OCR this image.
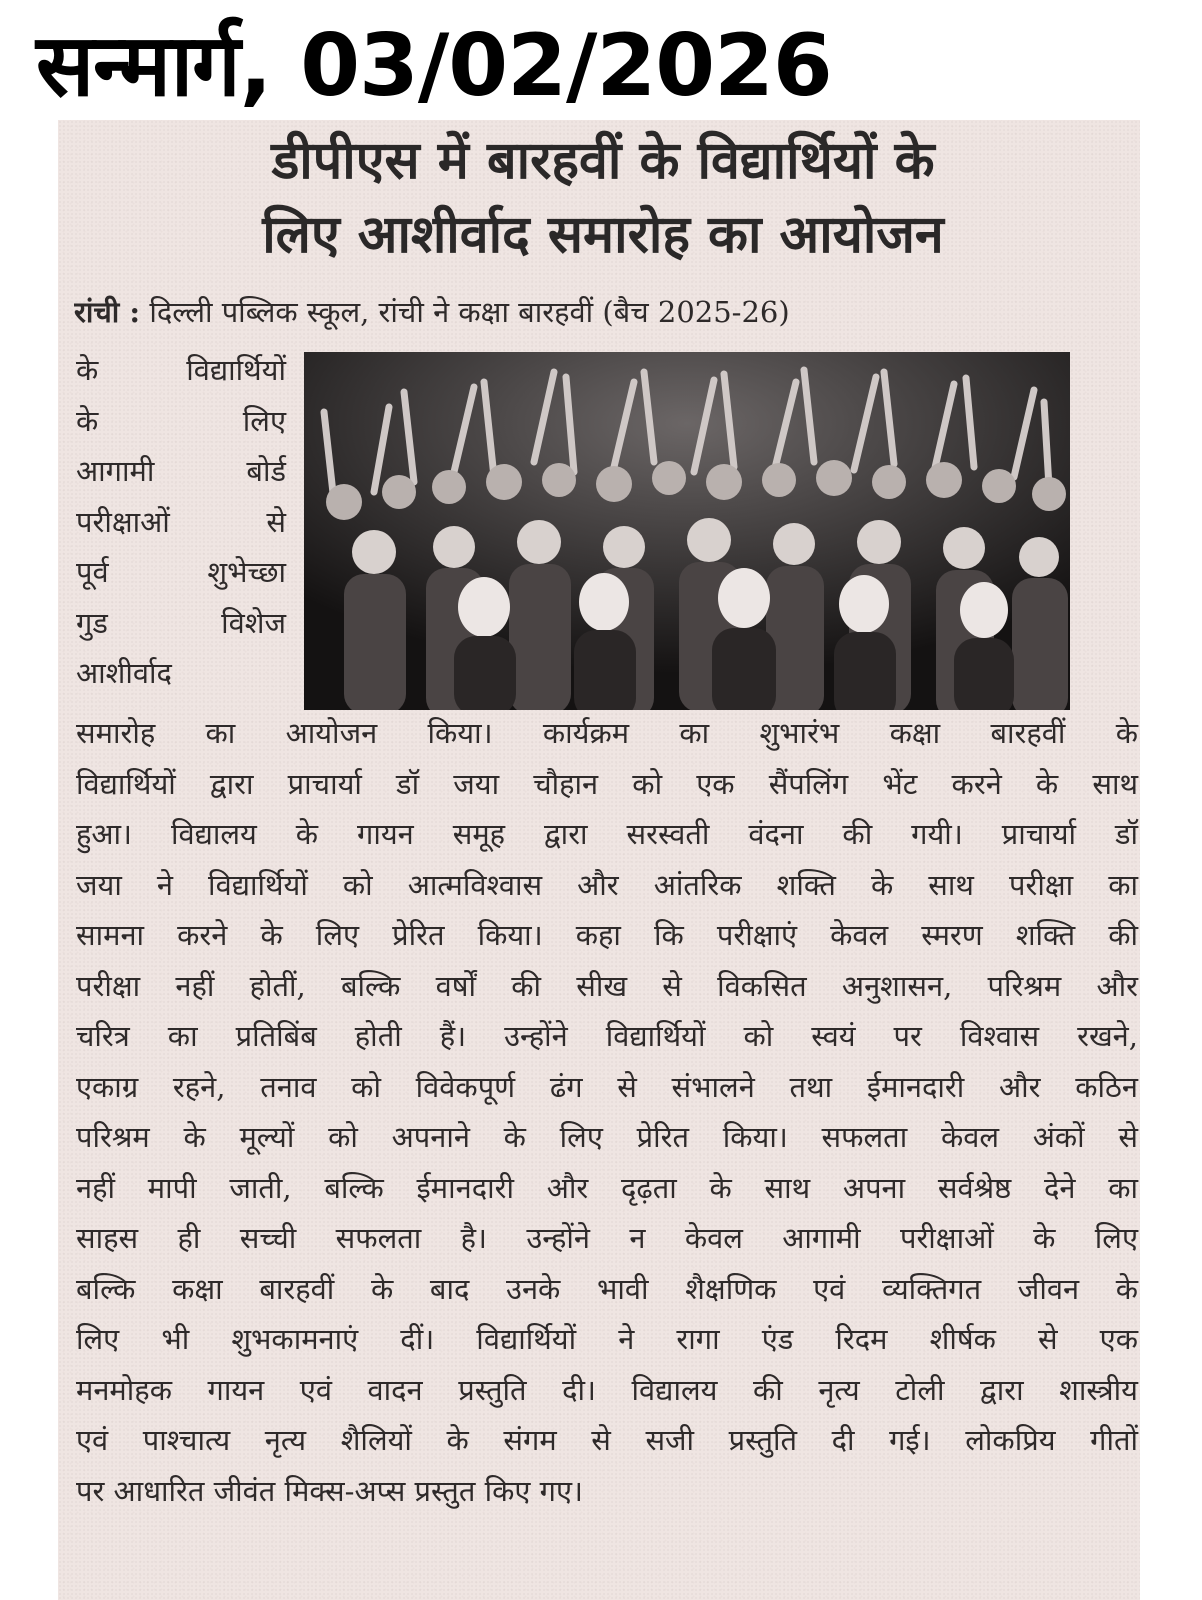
सन्मार्ग, 03/02/2026
डीपीएस में बारहवीं के विद्यार्थियों के
लिए आशीर्वाद समारोह का आयोजन
रांची : दिल्ली पब्लिक स्कूल, रांची ने कक्षा बारहवीं (बैच 2025-26)
के विद्यार्थियों
के लिए
आगामी बोर्ड
परीक्षाओं से
पूर्व शुभेच्छा
गुड विशेज
आशीर्वाद
समारोह का आयोजन किया। कार्यक्रम का शुभारंभ कक्षा बारहवीं के
विद्यार्थियों द्वारा प्राचार्या डॉ जया चौहान को एक सैंपलिंग भेंट करने के साथ
हुआ। विद्यालय के गायन समूह द्वारा सरस्वती वंदना की गयी। प्राचार्या डॉ
जया ने विद्यार्थियों को आत्मविश्वास और आंतरिक शक्ति के साथ परीक्षा का
सामना करने के लिए प्रेरित किया। कहा कि परीक्षाएं केवल स्मरण शक्ति की
परीक्षा नहीं होतीं, बल्कि वर्षों की सीख से विकसित अनुशासन, परिश्रम और
चरित्र का प्रतिबिंब होती हैं। उन्होंने विद्यार्थियों को स्वयं पर विश्वास रखने,
एकाग्र रहने, तनाव को विवेकपूर्ण ढंग से संभालने तथा ईमानदारी और कठिन
परिश्रम के मूल्यों को अपनाने के लिए प्रेरित किया। सफलता केवल अंकों से
नहीं मापी जाती, बल्कि ईमानदारी और दृढ़ता के साथ अपना सर्वश्रेष्ठ देने का
साहस ही सच्ची सफलता है। उन्होंने न केवल आगामी परीक्षाओं के लिए
बल्कि कक्षा बारहवीं के बाद उनके भावी शैक्षणिक एवं व्यक्तिगत जीवन के
लिए भी शुभकामनाएं दीं। विद्यार्थियों ने रागा एंड रिदम शीर्षक से एक
मनमोहक गायन एवं वादन प्रस्तुति दी। विद्यालय की नृत्य टोली द्वारा शास्त्रीय
एवं पाश्चात्य नृत्य शैलियों के संगम से सजी प्रस्तुति दी गई। लोकप्रिय गीतों
पर आधारित जीवंत मिक्स-अप्स प्रस्तुत किए गए।
